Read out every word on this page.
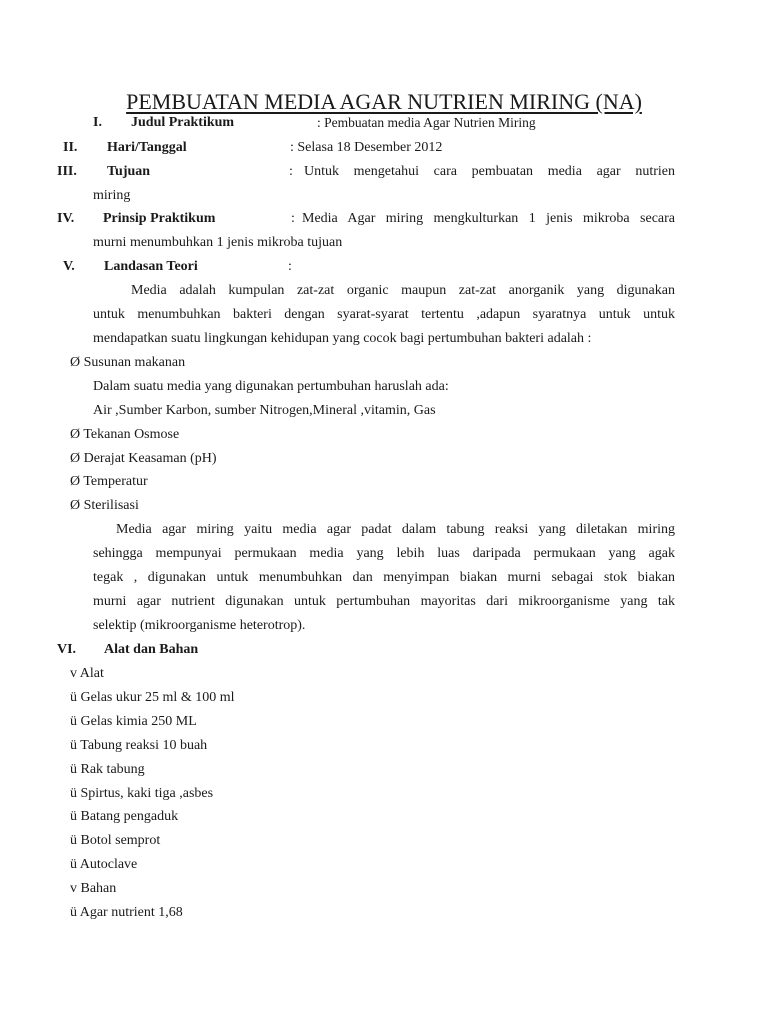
PEMBUATAN MEDIA AGAR NUTRIEN MIRING (NA)
I. Judul Praktikum	: Pembuatan media Agar Nutrien Miring
II. Hari/Tanggal	: Selasa 18 Desember 2012
III. Tujuan	: Untuk mengetahui cara pembuatan media agar nutrien
miring
IV. Prinsip Praktikum	: Media Agar miring mengkulturkan 1 jenis mikroba secara
murni menumbuhkan 1 jenis mikroba tujuan
V. Landasan Teori	:
Media adalah kumpulan zat-zat organic maupun zat-zat anorganik yang digunakan
untuk menumbuhkan bakteri dengan syarat-syarat tertentu ,adapun syaratnya untuk untuk
mendapatkan suatu lingkungan kehidupan yang cocok bagi pertumbuhan bakteri adalah :
Ø Susunan makanan
Dalam suatu media yang digunakan pertumbuhan haruslah ada:
Air ,Sumber Karbon, sumber Nitrogen,Mineral ,vitamin, Gas
Ø Tekanan Osmose
Ø Derajat Keasaman (pH)
Ø Temperatur
Ø Sterilisasi
Media agar miring yaitu media agar padat dalam tabung reaksi yang diletakan miring
sehingga mempunyai permukaan media yang lebih luas daripada permukaan yang agak
tegak , digunakan untuk menumbuhkan dan menyimpan biakan murni sebagai stok biakan
murni agar nutrient digunakan untuk pertumbuhan mayoritas dari mikroorganisme yang tak
selektip (mikroorganisme heterotrop).
VI. Alat dan Bahan
v Alat
ü Gelas ukur 25 ml & 100 ml
ü Gelas kimia 250 ML
ü Tabung reaksi 10 buah
ü Rak tabung
ü Spirtus, kaki tiga ,asbes
ü Batang pengaduk
ü Botol semprot
ü Autoclave
v Bahan
ü Agar nutrient 1,68
